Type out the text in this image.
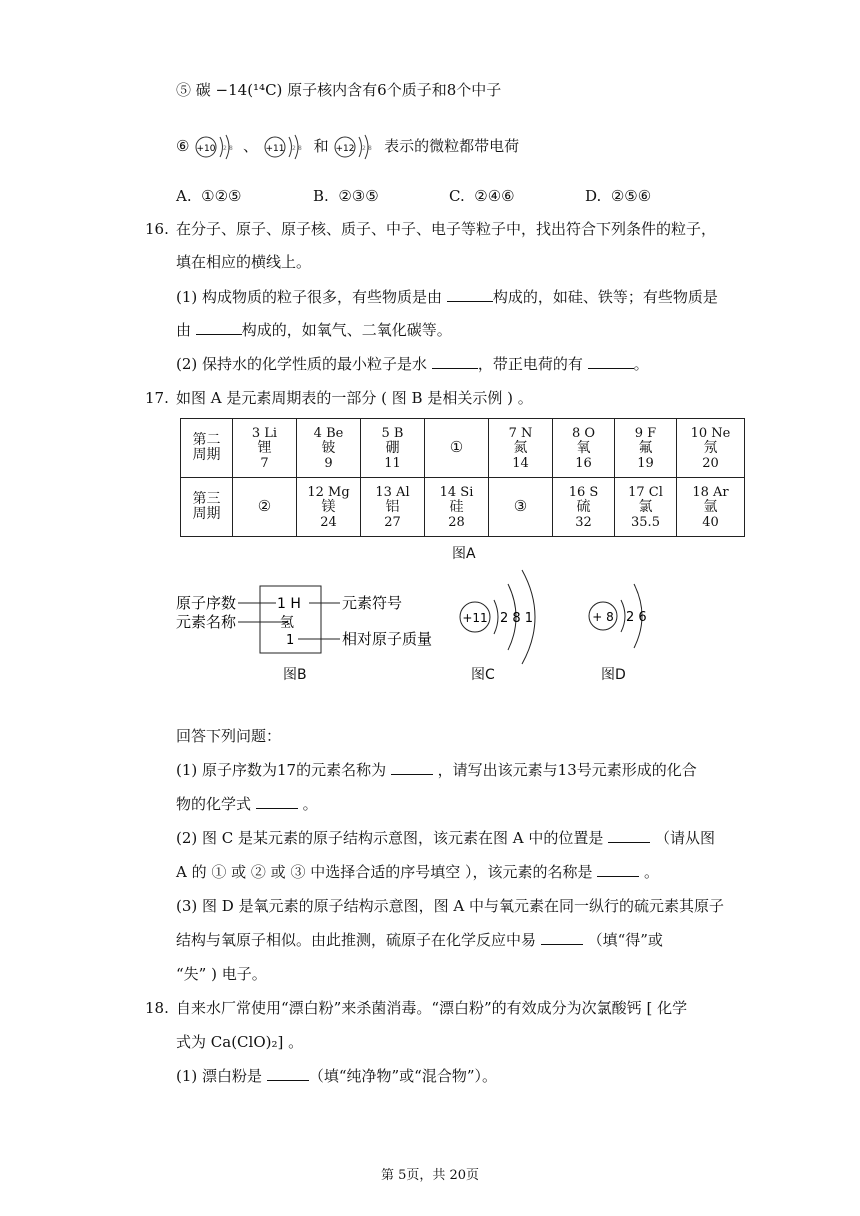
⑤ 碳 −14(¹⁴C) 原子核内含有6个质子和8个中子
⑥ +10 2 8 、 +11 2 8 和 +12 2 8 表示的微粒都带电荷
A. ①②⑤	B. ②③⑤	C. ②④⑥	D. ②⑤⑥
16. 在分子、原子、原子核、质子、中子、电子等粒子中，找出符合下列条件的粒子，
填在相应的横线上。
(1) 构成物质的粒子很多，有些物质是由	构成的，如硅、铁等；有些物质是
由	构成的，如氧气、二氧化碳等。
(2) 保持水的化学性质的最小粒子是水	，带正电荷的有	。
17. 如图 A 是元素周期表的一部分 ( 图 B 是相关示例 ) 。
第二
周期	3 Li
锂
7	4 Be
铍
9	5 B
硼
11	①	7 N
氮
14	8 O
氧
16	9 F
氟
19	10 Ne
氖
20

第三
周期	②	12 Mg
镁
24	13 Al
铝
27	14 Si
硅
28	③	16 S
硫
32	17 Cl
氯
35.5	18 Ar
氩
40
图A
原子序数
元素名称
1 H
氢
1
元素符号
相对原子质量
图B
+11 2 8 1
图C
+ 8 2 6
图D
回答下列问题：
(1) 原子序数为17的元素名称为	，请写出该元素与13号元素形成的化合
物的化学式	。
(2) 图 C 是某元素的原子结构示意图，该元素在图 A 中的位置是	（请从图
A 的 ① 或 ② 或 ③ 中选择合适的序号填空 ），该元素的名称是	。
(3) 图 D 是氧元素的原子结构示意图，图 A 中与氧元素在同一纵行的硫元素其原子
结构与氧原子相似。由此推测，硫原子在化学反应中易	（填“得”或
“失” ) 电子。
18. 自来水厂常使用“漂白粉”来杀菌消毒。“漂白粉”的有效成分为次氯酸钙 [ 化学
式为 Ca(ClO)₂] 。
(1) 漂白粉是	（填“纯净物”或“混合物”）。
第 5页，共 20页
